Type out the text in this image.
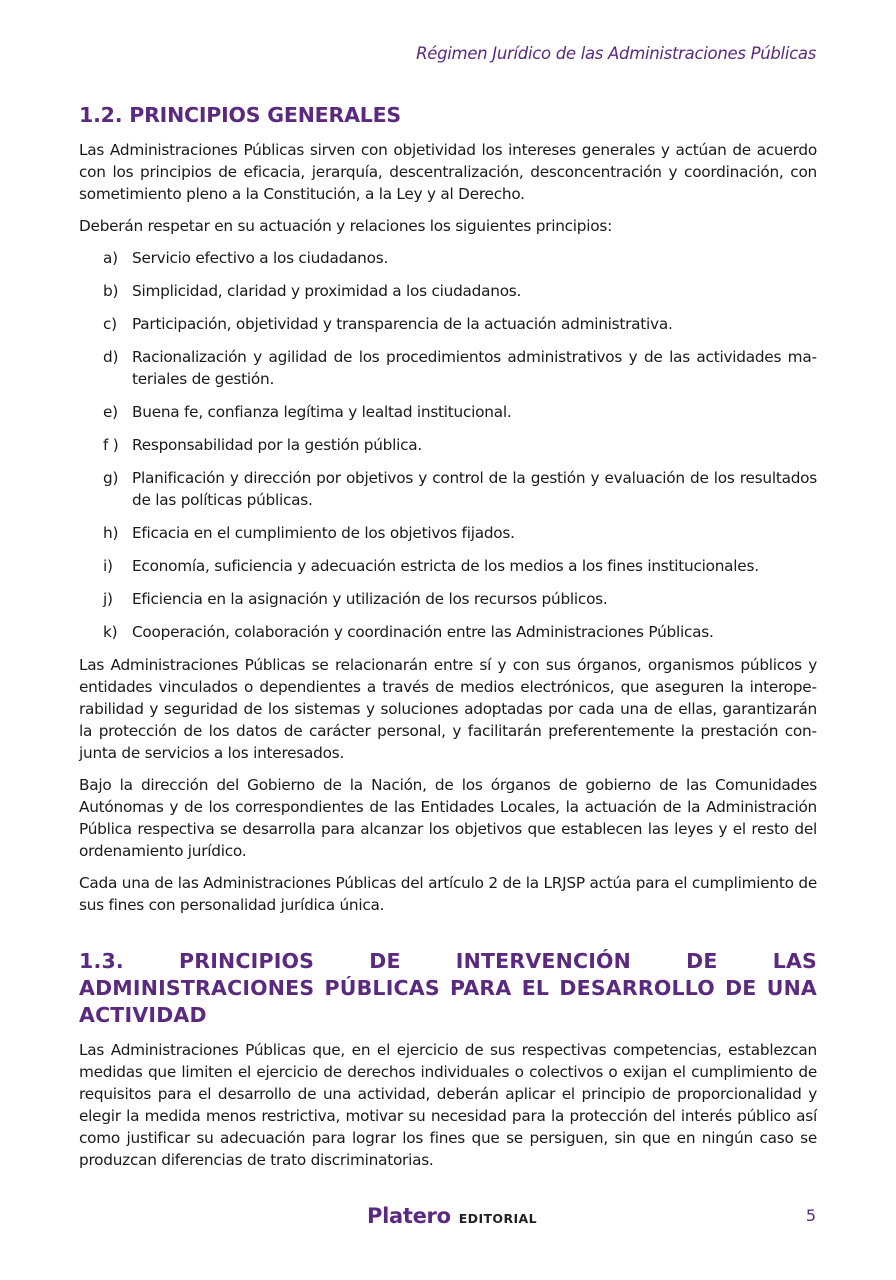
Régimen Jurídico de las Administraciones Públicas
1.2. PRINCIPIOS GENERALES

Las Administraciones Públicas sirven con objetividad los intereses generales y actúan de acuerdo con los principios de eficacia, jerarquía, descentralización, desconcentración y coordinación, con sometimiento pleno a la Constitución, a la Ley y al Derecho.

Deberán respetar en su actuación y relaciones los siguientes principios:

a) Servicio efectivo a los ciudadanos.
b) Simplicidad, claridad y proximidad a los ciudadanos.
c) Participación, objetividad y transparencia de la actuación administrativa.
d) Racionalización y agilidad de los procedimientos administrativos y de las actividades materiales de gestión.
e) Buena fe, confianza legítima y lealtad institucional.
f ) Responsabilidad por la gestión pública.
g) Planificación y dirección por objetivos y control de la gestión y evaluación de los resultados de las políticas públicas.
h) Eficacia en el cumplimiento de los objetivos fijados.
i) Economía, suficiencia y adecuación estricta de los medios a los fines institucionales.
j) Eficiencia en la asignación y utilización de los recursos públicos.
k) Cooperación, colaboración y coordinación entre las Administraciones Públicas.

Las Administraciones Públicas se relacionarán entre sí y con sus órganos, organismos públicos y entidades vinculados o dependientes a través de medios electrónicos, que aseguren la interoperabilidad y seguridad de los sistemas y soluciones adoptadas por cada una de ellas, garantizarán la protección de los datos de carácter personal, y facilitarán preferentemente la prestación conjunta de servicios a los interesados.

Bajo la dirección del Gobierno de la Nación, de los órganos de gobierno de las Comunidades Autónomas y de los correspondientes de las Entidades Locales, la actuación de la Administración Pública respectiva se desarrolla para alcanzar los objetivos que establecen las leyes y el resto del ordenamiento jurídico.

Cada una de las Administraciones Públicas del artículo 2 de la LRJSP actúa para el cumplimiento de sus fines con personalidad jurídica única.

1.3. PRINCIPIOS DE INTERVENCIÓN DE LAS ADMINISTRACIONES PÚBLICAS PARA EL DESARROLLO DE UNA ACTIVIDAD

Las Administraciones Públicas que, en el ejercicio de sus respectivas competencias, establezcan medidas que limiten el ejercicio de derechos individuales o colectivos o exijan el cumplimiento de requisitos para el desarrollo de una actividad, deberán aplicar el principio de proporcionalidad y elegir la medida menos restrictiva, motivar su necesidad para la protección del interés público así como justificar su adecuación para lograr los fines que se persiguen, sin que en ningún caso se produzcan diferencias de trato discriminatorias.

Platero EDITORIAL	5
